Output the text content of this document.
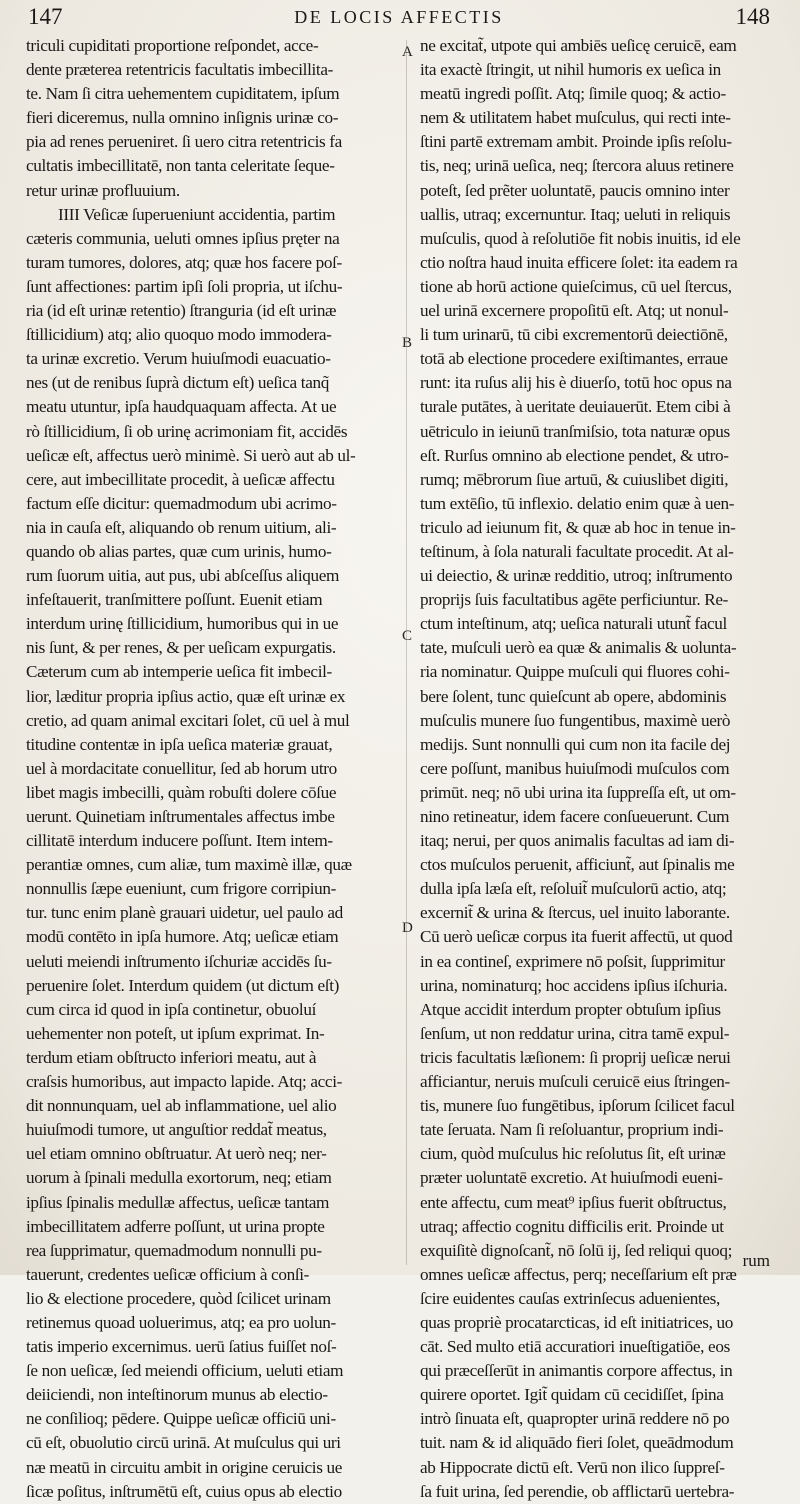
147	DE LOCIS AFFECTIS	148
A
B
C
D
triculi cupiditati proportione reſpondet, acce-
dente præterea retentricis facultatis imbecillita-
te. Nam ſi citra uehementem cupiditatem, ipſum
fieri diceremus, nulla omnino inſignis urinæ co-
pia ad renes perueniret. ſi uero citra retentricis fa
cultatis imbecillitatē, non tanta celeritate ſeque-
retur urinæ profluuium.
IIII Veſicæ ſuperueniunt accidentia, partim
cæteris communia, ueluti omnes ipſius pręter na
turam tumores, dolores, atq; quæ hos facere poſ-
ſunt affectiones: partim ipſi ſoli propria, ut iſchu-
ria (id eſt urinæ retentio) ſtranguria (id eſt urinæ
ſtillicidium) atq; alio quoquo modo immodera-
ta urinæ excretio. Verum huiuſmodi euacuatio-
nes (ut de renibus ſuprà dictum eſt) ueſica tanq̃
meatu utuntur, ipſa haudquaquam affecta. At ue
rò ſtillicidium, ſi ob urinę acrimoniam fit, accidēs
ueſicæ eſt, affectus uerò minimè. Si uerò aut ab ul-
cere, aut imbecillitate procedit, à ueſicæ affectu
factum eſſe dicitur: quemadmodum ubi acrimo-
nia in cauſa eſt, aliquando ob renum uitium, ali-
quando ob alias partes, quæ cum urinis, humo-
rum ſuorum uitia, aut pus, ubi abſceſſus aliquem
infeſtauerit, tranſmittere poſſunt. Euenit etiam
interdum urinę ſtillicidium, humoribus qui in ue
nis ſunt, & per renes, & per ueſicam expurgatis.
Cæterum cum ab intemperie ueſica fit imbecil-
lior, læditur propria ipſius actio, quæ eſt urinæ ex
cretio, ad quam animal excitari ſolet, cū uel à mul
titudine contentæ in ipſa ueſica materiæ grauat,
uel à mordacitate conuellitur, ſed ab horum utro
libet magis imbecilli, quàm robuſti dolere cōſue
uerunt. Quinetiam inſtrumentales affectus imbe
cillitatē interdum inducere poſſunt. Item intem-
perantiæ omnes, cum aliæ, tum maximè illæ, quæ
nonnullis ſæpe eueniunt, cum frigore corripiun-
tur. tunc enim planè grauari uidetur, uel paulo ad
modū contēto in ipſa humore. Atq; ueſicæ etiam
ueluti meiendi inſtrumento iſchuriæ accidēs ſu-
peruenire ſolet. Interdum quidem (ut dictum eſt)
cum circa id quod in ipſa continetur, obuoluí
uehementer non poteſt, ut ipſum exprimat. In-
terdum etiam obſtructo inferiori meatu, aut à
craſsis humoribus, aut impacto lapide. Atq; acci-
dit nonnunquam, uel ab inflammatione, uel alio
huiuſmodi tumore, ut anguſtior reddat̃ meatus,
uel etiam omnino obſtruatur. At uerò neq; ner-
uorum à ſpinali medulla exortorum, neq; etiam
ipſius ſpinalis medullæ affectus, ueſicæ tantam
imbecillitatem adferre poſſunt, ut urina propte
rea ſupprimatur, quemadmodum nonnulli pu-
tauerunt, credentes ueſicæ officium à conſi-
lio & electione procedere, quòd ſcilicet urinam
retinemus quoad uoluerimus, atq; ea pro uolun-
tatis imperio excernimus. uerū ſatius fuiſſet noſ-
ſe non ueſicæ, ſed meiendi officium, ueluti etiam
deiiciendi, non inteſtinorum munus ab electio-
ne conſilioq; pēdere. Quippe ueſicæ officiū uni-
cū eſt, obuolutio circū urinā. At muſculus qui uri
næ meatū in circuitu ambit in origine ceruicis ue
ſicæ poſitus, inſtrumētū eſt, cuius opus ab electio
ne excitat̃, utpote qui ambiēs ueſicę ceruicē, eam
ita exactè ſtringit, ut nihil humoris ex ueſica in
meatū ingredi poſſit. Atq; ſimile quoq; & actio-
nem & utilitatem habet muſculus, qui recti inte-
ſtini partē extremam ambit. Proinde ipſis reſolu-
tis, neq; urinā ueſica, neq; ſtercora aluus retinere
poteſt, ſed prẽter uoluntatē, paucis omnino inter
uallis, utraq; excernuntur. Itaq; ueluti in reliquis
muſculis, quod à reſolutiōe fit nobis inuitis, id ele
ctio noſtra haud inuita efficere ſolet: ita eadem ra
tione ab horū actione quieſcimus, cū uel ſtercus,
uel urinā excernere propoſitū eſt. Atq; ut nonul-
li tum urinarū, tū cibi excrementorū deiectiōnē,
totā ab electione procedere exiſtimantes, erraue
runt: ita ruſus alij his è diuerſo, totū hoc opus na
turale putātes, à ueritate deuiauerūt. Etem cibi à
uētriculo in ieiunū tranſmiſsio, tota naturæ opus
eſt. Rurſus omnino ab electione pendet, & utro-
rumq; mēbrorum ſiue artuū, & cuiuslibet digiti,
tum extēſio, tū inflexio. delatio enim quæ à uen-
triculo ad ieiunum fit, & quæ ab hoc in tenue in-
teſtinum, à ſola naturali facultate procedit. At al-
ui deiectio, & urinæ redditio, utroq; inſtrumento
proprijs ſuis facultatibus agēte perficiuntur. Re-
ctum inteſtinum, atq; ueſica naturali utunt̃ facul
tate, muſculi uerò ea quæ & animalis & uolunta-
ria nominatur. Quippe muſculi qui fluores cohi-
bere ſolent, tunc quieſcunt ab opere, abdominis
muſculis munere ſuo fungentibus, maximè uerò
medijs. Sunt nonnulli qui cum non ita facile dej
cere poſſunt, manibus huiuſmodi muſculos com
primūt. neq; nō ubi urina ita ſuppreſſa eſt, ut om-
nino retineatur, idem facere conſueuerunt. Cum
itaq; nerui, per quos animalis facultas ad iam di-
ctos muſculos peruenit, afficiunt̃, aut ſpinalis me
dulla ipſa læſa eſt, reſoluit̃ muſculorū actio, atq;
excernit̃ & urina & ſtercus, uel inuito laborante.
Cū uerò ueſicæ corpus ita fuerit affectū, ut quod
in ea contineſ, exprimere nō poſsit, ſupprimitur
urina, nominaturq; hoc accidens ipſius iſchuria.
Atque accidit interdum propter obtuſum ipſius
ſenſum, ut non reddatur urina, citra tamē expul-
tricis facultatis læſionem: ſi proprij ueſicæ nerui
afficiantur, neruis muſculi ceruicē eius ſtringen-
tis, munere ſuo fungētibus, ipſorum ſcilicet facul
tate ſeruata. Nam ſi reſoluantur, proprium indi-
cium, quòd muſculus hic reſolutus ſit, eſt urinæ
præter uoluntatē excretio. At huiuſmodi eueni-
ente affectu, cum meat⁹ ipſius fuerit obſtructus,
utraq; affectio cognitu difficilis erit. Proinde ut
exquiſitè dignoſcant̃, nō ſolū ij, ſed reliqui quoq;
omnes ueſicæ affectus, perq; neceſſarium eſt præ
ſcire euidentes cauſas extrinſecus aduenientes,
quas propriè procatarcticas, id eſt initiatrices, uo
cāt. Sed multo etiā accuratiori inueſtigatiōe, eos
qui præceſſerūt in animantis corpore affectus, in
quirere oportet. Igit̃ quidam cū cecidiſſet, ſpina
intrò ſinuata eſt, quapropter urinā reddere nō po
tuit. nam & id aliquādo fieri ſolet, queādmodum
ab Hippocrate dictū eſt. Verū non ilico ſuppreſ-
ſa fuit urina, ſed perendie, ob afflictarū uertebra-
rum
